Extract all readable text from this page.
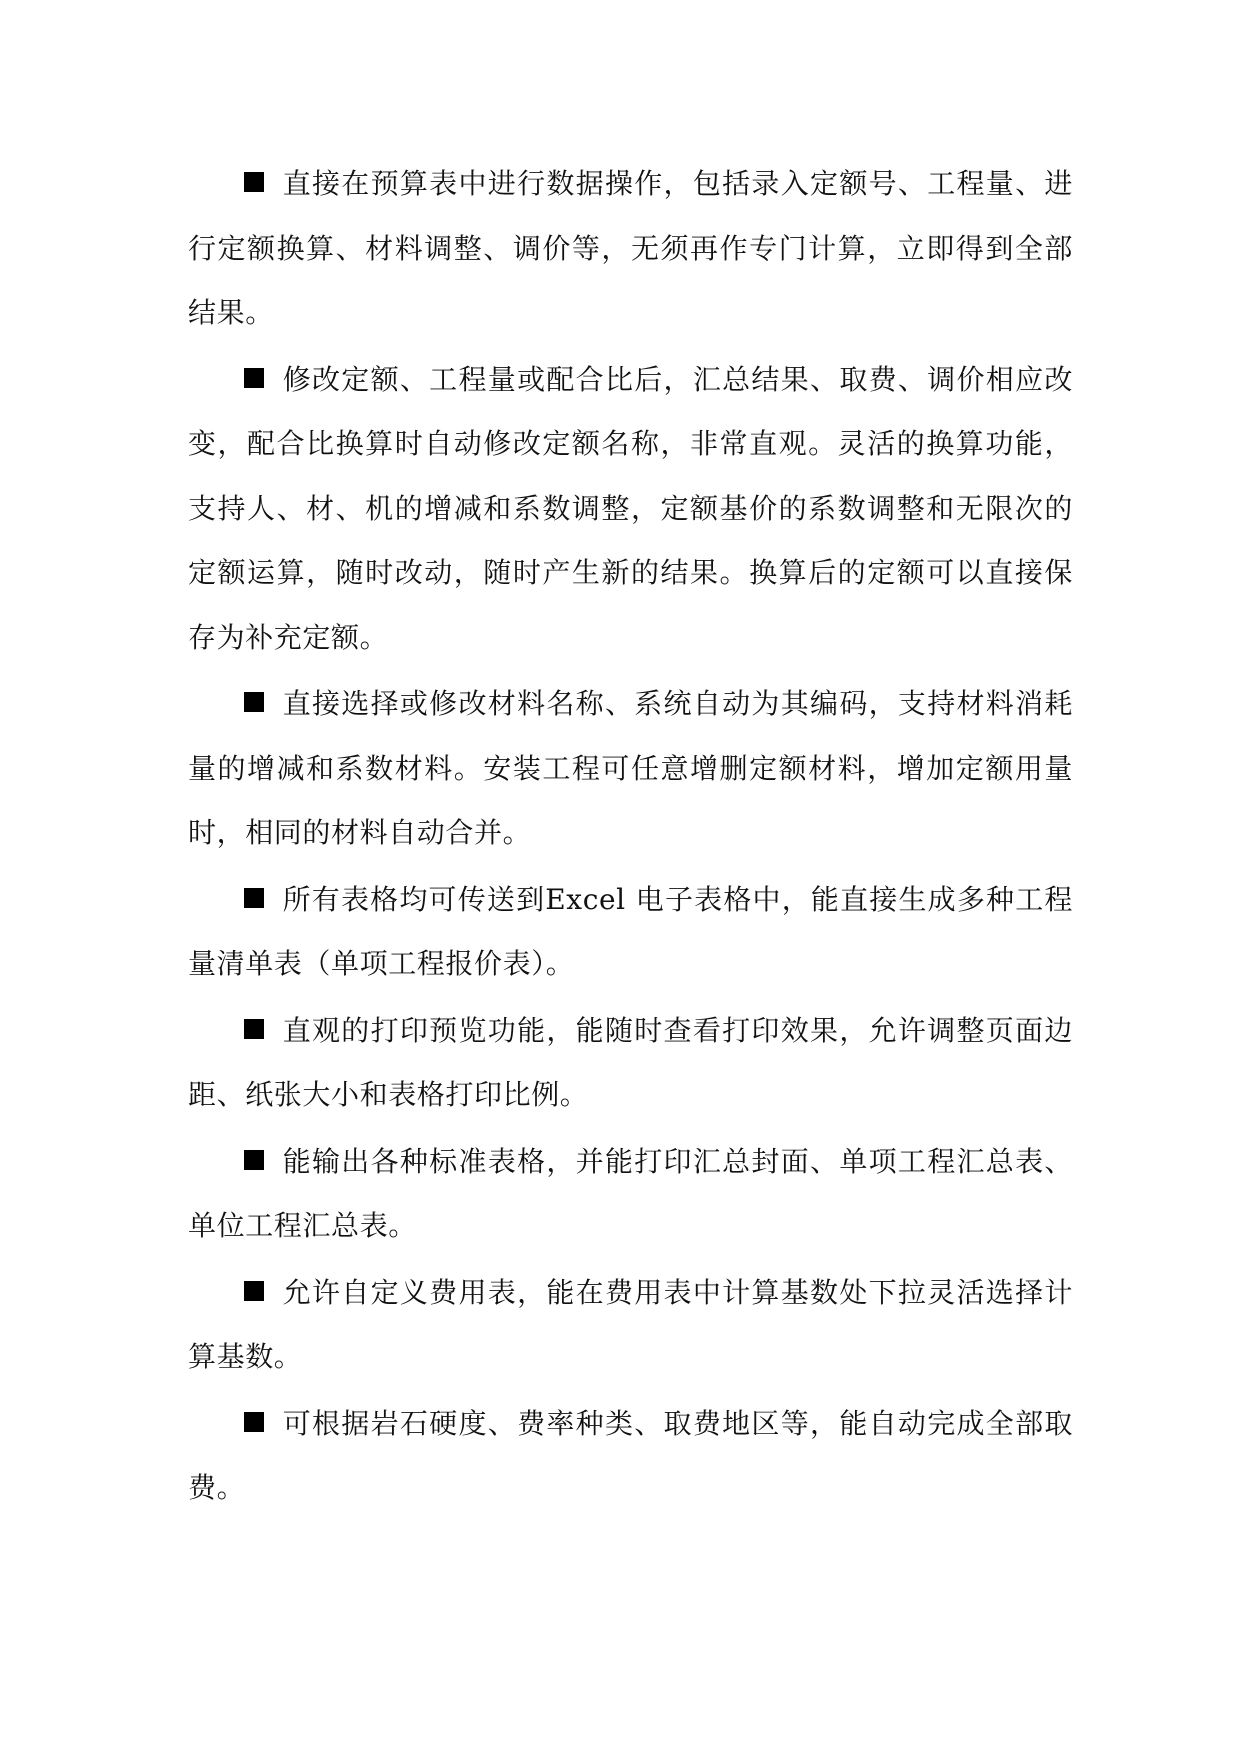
直接在预算表中进行数据操作，包括录入定额号、工程量、进行定额换算、材料调整、调价等，无须再作专门计算，立即得到全部结果。

修改定额、工程量或配合比后，汇总结果、取费、调价相应改变，配合比换算时自动修改定额名称，非常直观。灵活的换算功能，支持人、材、机的增减和系数调整，定额基价的系数调整和无限次的定额运算，随时改动，随时产生新的结果。换算后的定额可以直接保存为补充定额。

直接选择或修改材料名称、系统自动为其编码，支持材料消耗量的增减和系数材料。安装工程可任意增删定额材料，增加定额用量时，相同的材料自动合并。

所有表格均可传送到Excel 电子表格中，能直接生成多种工程量清单表（单项工程报价表）。

直观的打印预览功能，能随时查看打印效果，允许调整页面边距、纸张大小和表格打印比例。

能输出各种标准表格，并能打印汇总封面、单项工程汇总表、单位工程汇总表。

允许自定义费用表，能在费用表中计算基数处下拉灵活选择计算基数。

可根据岩石硬度、费率种类、取费地区等，能自动完成全部取费。
